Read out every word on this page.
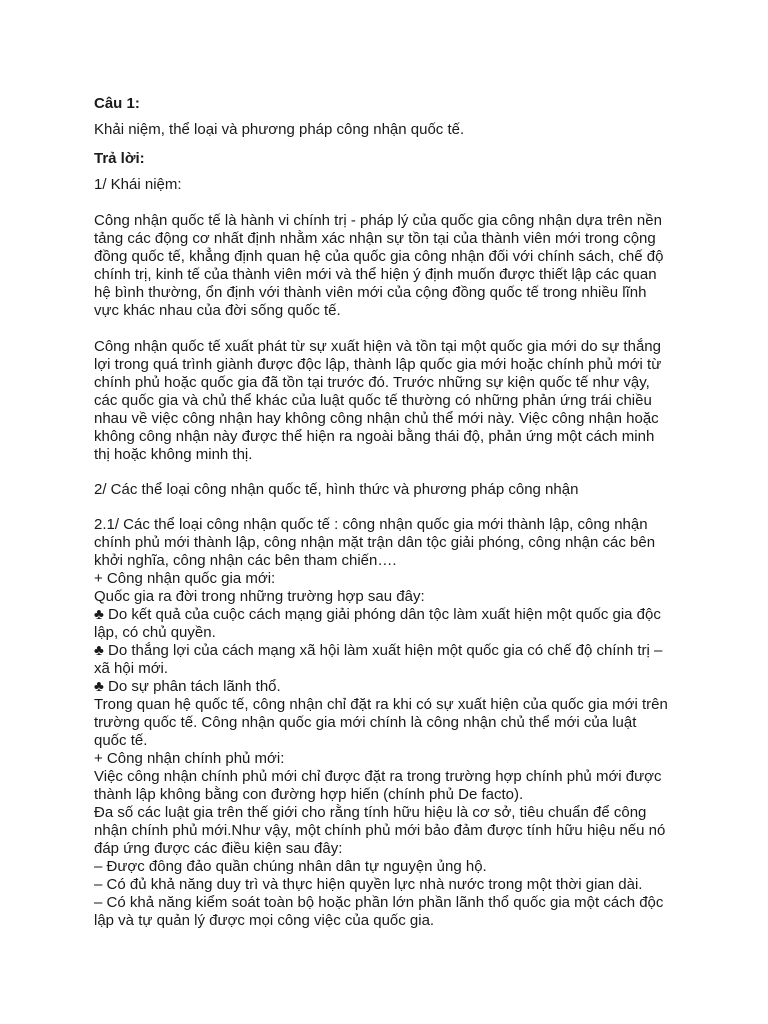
Câu 1:
Khải niệm, thể loại và phương pháp công nhận quốc tế.
Trả lời:
1/ Khái niệm:
Công nhận quốc tế là hành vi chính trị - pháp lý của quốc gia công nhận dựa trên nền
tảng các động cơ nhất định nhằm xác nhận sự tồn tại của thành viên mới trong cộng
đồng quốc tế, khẳng định quan hệ của quốc gia công nhận đối với chính sách, chế độ
chính trị, kinh tế của thành viên mới và thể hiện ý định muốn được thiết lập các quan
hệ bình thường, ổn định với thành viên mới của cộng đồng quốc tế trong nhiều lĩnh
vực khác nhau của đời sống quốc tế.
Công nhận quốc tế xuất phát từ sự xuất hiện và tồn tại một quốc gia mới do sự thắng
lợi trong quá trình giành được độc lập, thành lập quốc gia mới hoặc chính phủ mới từ
chính phủ hoặc quốc gia đã tồn tại trước đó. Trước những sự kiện quốc tế như vậy,
các quốc gia và chủ thể khác của luật quốc tế thường có những phản ứng trái chiều
nhau về việc công nhận hay không công nhận chủ thể mới này. Việc công nhận hoặc
không công nhận này được thể hiện ra ngoài bằng thái độ, phản ứng một cách minh
thị hoặc không minh thị.
2/ Các thể loại công nhận quốc tế, hình thức và phương pháp công nhận
2.1/ Các thể loại công nhận quốc tế : công nhận quốc gia mới thành lập, công nhận
chính phủ mới thành lập, công nhận mặt trận dân tộc giải phóng, công nhận các bên
khởi nghĩa, công nhận các bên tham chiến….
+ Công nhận quốc gia mới:
Quốc gia ra đời trong những trường hợp sau đây:
♣ Do kết quả của cuộc cách mạng giải phóng dân tộc làm xuất hiện một quốc gia độc
lập, có chủ quyền.
♣ Do thắng lợi của cách mạng xã hội làm xuất hiện một quốc gia có chế độ chính trị –
xã hội mới.
♣ Do sự phân tách lãnh thổ.
Trong quan hệ quốc tế, công nhận chỉ đặt ra khi có sự xuất hiện của quốc gia mới trên
trường quốc tế. Công nhận quốc gia mới chính là công nhận chủ thể mới của luật
quốc tế.
+ Công nhận chính phủ mới:
Việc công nhận chính phủ mới chỉ được đặt ra trong trường hợp chính phủ mới được
thành lập không bằng con đường hợp hiến (chính phủ De facto).
Đa số các luật gia trên thế giới cho rằng tính hữu hiệu là cơ sở, tiêu chuẩn để công
nhận chính phủ mới.Như vậy, một chính phủ mới bảo đảm được tính hữu hiệu nếu nó
đáp ứng được các điều kiện sau đây:
– Được đông đảo quần chúng nhân dân tự nguyện ủng hộ.
– Có đủ khả năng duy trì và thực hiện quyền lực nhà nước trong một thời gian dài.
– Có khả năng kiểm soát toàn bộ hoặc phần lớn phần lãnh thổ quốc gia một cách độc
lập và tự quản lý được mọi công việc của quốc gia.
